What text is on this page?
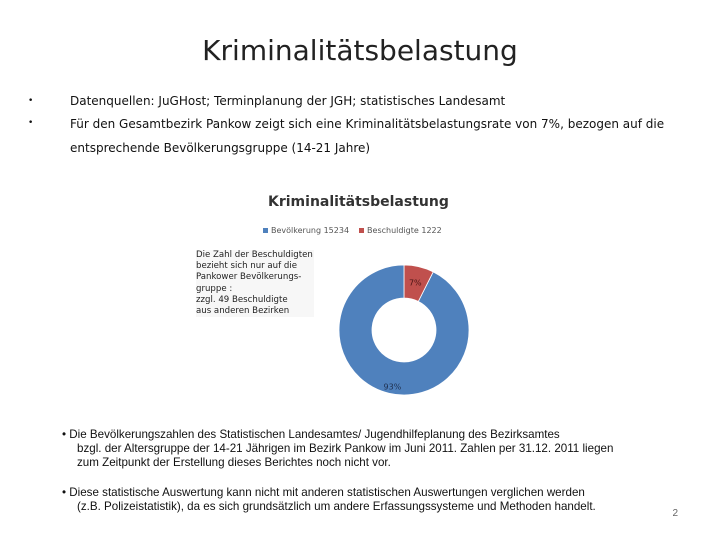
Kriminalitätsbelastung
•	Datenquellen: JuGHost; Terminplanung der JGH; statistisches Landesamt
•	Für den Gesamtbezirk Pankow zeigt sich eine Kriminalitätsbelastungsrate von 7%, bezogen auf die entsprechende Bevölkerungsgruppe (14-21 Jahre)
Kriminalitätsbelastung
Bevölkerung 15234 Beschuldigte 1222
93%
7%
Die Zahl der Beschuldigten
bezieht sich nur auf die
Pankower Bevölkerungs-
gruppe :
zzgl. 49 Beschuldigte
aus anderen Bezirken
• Die Bevölkerungszahlen des Statistischen Landesamtes/ Jugendhilfeplanung des Bezirksamtes
bzgl. der Altersgruppe der 14-21 Jährigen im Bezirk Pankow im Juni 2011. Zahlen per 31.12. 2011 liegen
zum Zeitpunkt der Erstellung dieses Berichtes noch nicht vor.
• Diese statistische Auswertung kann nicht mit anderen statistischen Auswertungen verglichen werden
(z.B. Polizeistatistik), da es sich grundsätzlich um andere Erfassungssysteme und Methoden handelt.
2
